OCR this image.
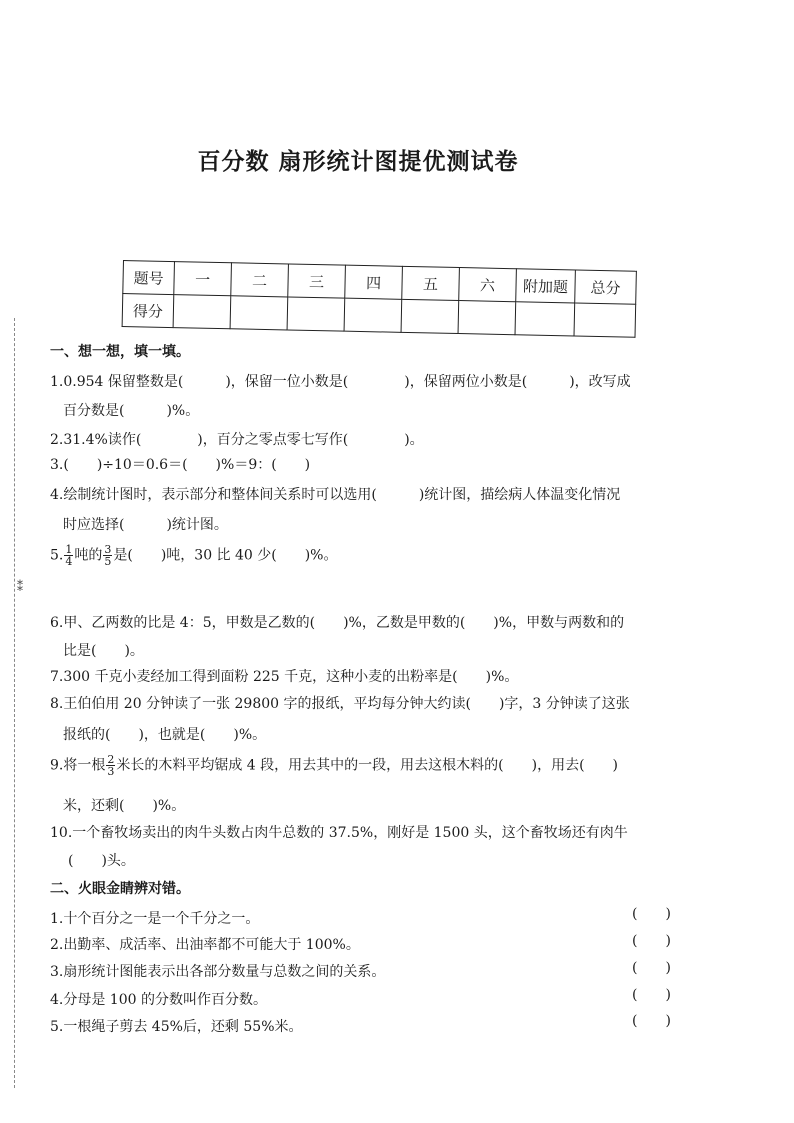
⁑
百分数 扇形统计图提优测试卷
题号	一	二	三	四	五	六	附加题	总分
得分								
一、想一想，填一填。
1.0.954 保留整数是(　　　)，保留一位小数是(　　　　)，保留两位小数是(　　　)，改写成
百分数是(　　　)%。
2.31.4%读作(　　　　)，百分之零点零七写作(　　　　)。
3.(　　)÷10＝0.6＝(　　)%＝9：(　　)
4.绘制统计图时，表示部分和整体间关系时可以选用(　　　)统计图，描绘病人体温变化情况
时应选择(　　　)统计图。
5. $\frac{1}{4}$ 吨的 $\frac{3}{5}$ 是(　　)吨，30 比 40 少(　　)%。
6.甲、乙两数的比是 4：5，甲数是乙数的(　　)%，乙数是甲数的(　　)%，甲数与两数和的
比是(　　)。
7.300 千克小麦经加工得到面粉 225 千克，这种小麦的出粉率是(　　)%。
8.王伯伯用 20 分钟读了一张 29800 字的报纸，平均每分钟大约读(　　)字，3 分钟读了这张
报纸的(　　)，也就是(　　)%。
9.将一根 $\frac{2}{3}$ 米长的木料平均锯成 4 段，用去其中的一段，用去这根木料的(　　)，用去(　　)
米，还剩(　　)%。
10.一个畜牧场卖出的肉牛头数占肉牛总数的 37.5%，刚好是 1500 头，这个畜牧场还有肉牛
(　　)头。
二、火眼金睛辨对错。
1.十个百分之一是一个千分之一。
2.出勤率、成活率、出油率都不可能大于 100%。
3.扇形统计图能表示出各部分数量与总数之间的关系。
4.分母是 100 的分数叫作百分数。
5.一根绳子剪去 45%后，还剩 55%米。
(　　)
(　　)
(　　)
(　　)
(　　)
